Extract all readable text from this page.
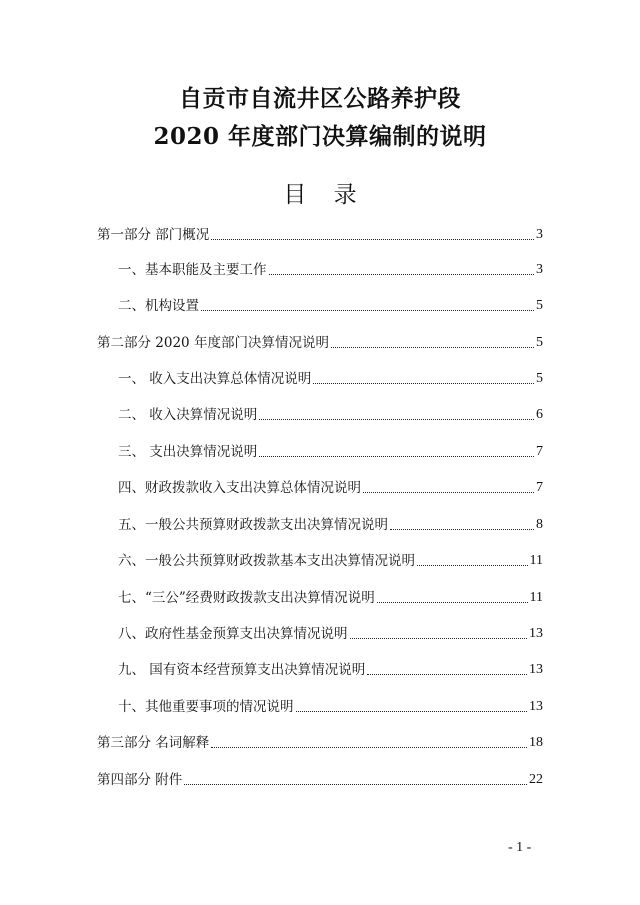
自贡市自流井区公路养护段
2020 年度部门决算编制的说明
目 录
第一部分 部门概况	3
一、基本职能及主要工作	3
二、机构设置	5
第二部分 2020 年度部门决算情况说明	5
一、 收入支出决算总体情况说明	5
二、 收入决算情况说明	6
三、 支出决算情况说明	7
四、财政拨款收入支出决算总体情况说明	7
五、一般公共预算财政拨款支出决算情况说明	8
六、一般公共预算财政拨款基本支出决算情况说明	11
七、“三公”经费财政拨款支出决算情况说明	11
八、政府性基金预算支出决算情况说明	13
九、 国有资本经营预算支出决算情况说明	13
十、其他重要事项的情况说明	13
第三部分 名词解释	18
第四部分 附件	22
- 1 -
